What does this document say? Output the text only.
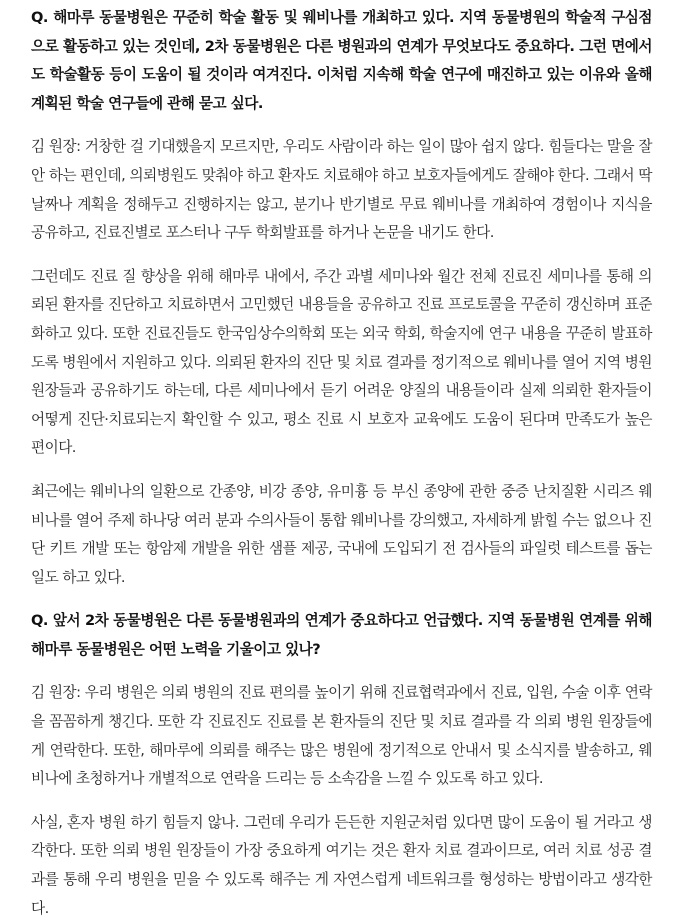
Q. 해마루 동물병원은 꾸준히 학술 활동 및 웨비나를 개최하고 있다. 지역 동물병원의 학술적 구심점으로 활동하고 있는 것인데, 2차 동물병원은 다른 병원과의 연계가 무엇보다도 중요하다. 그런 면에서도 학술활동 등이 도움이 될 것이라 여겨진다. 이처럼 지속해 학술 연구에 매진하고 있는 이유와 올해 계획된 학술 연구들에 관해 묻고 싶다.

김 원장: 거창한 걸 기대했을지 모르지만, 우리도 사람이라 하는 일이 많아 쉽지 않다. 힘들다는 말을 잘 안 하는 편인데, 의뢰병원도 맞춰야 하고 환자도 치료해야 하고 보호자들에게도 잘해야 한다. 그래서 딱 날짜나 계획을 정해두고 진행하지는 않고, 분기나 반기별로 무료 웨비나를 개최하여 경험이나 지식을 공유하고, 진료진별로 포스터나 구두 학회발표를 하거나 논문을 내기도 한다.

그런데도 진료 질 향상을 위해 해마루 내에서, 주간 과별 세미나와 월간 전체 진료진 세미나를 통해 의뢰된 환자를 진단하고 치료하면서 고민했던 내용들을 공유하고 진료 프로토콜을 꾸준히 갱신하며 표준화하고 있다. 또한 진료진들도 한국임상수의학회 또는 외국 학회, 학술지에 연구 내용을 꾸준히 발표하도록 병원에서 지원하고 있다. 의뢰된 환자의 진단 및 치료 결과를 정기적으로 웨비나를 열어 지역 병원 원장들과 공유하기도 하는데, 다른 세미나에서 듣기 어려운 양질의 내용들이라 실제 의뢰한 환자들이 어떻게 진단·치료되는지 확인할 수 있고, 평소 진료 시 보호자 교육에도 도움이 된다며 만족도가 높은 편이다.

최근에는 웨비나의 일환으로 간종양, 비강 종양, 유미흉 등 부신 종양에 관한 중증 난치질환 시리즈 웨비나를 열어 주제 하나당 여러 분과 수의사들이 통합 웨비나를 강의했고, 자세하게 밝힐 수는 없으나 진단 키트 개발 또는 항암제 개발을 위한 샘플 제공, 국내에 도입되기 전 검사들의 파일럿 테스트를 돕는 일도 하고 있다.

Q. 앞서 2차 동물병원은 다른 동물병원과의 연계가 중요하다고 언급했다. 지역 동물병원 연계를 위해 해마루 동물병원은 어떤 노력을 기울이고 있나?

김 원장: 우리 병원은 의뢰 병원의 진료 편의를 높이기 위해 진료협력과에서 진료, 입원, 수술 이후 연락을 꼼꼼하게 챙긴다. 또한 각 진료진도 진료를 본 환자들의 진단 및 치료 결과를 각 의뢰 병원 원장들에게 연락한다. 또한, 해마루에 의뢰를 해주는 많은 병원에 정기적으로 안내서 및 소식지를 발송하고, 웨비나에 초청하거나 개별적으로 연락을 드리는 등 소속감을 느낄 수 있도록 하고 있다.

사실, 혼자 병원 하기 힘들지 않나. 그런데 우리가 든든한 지원군처럼 있다면 많이 도움이 될 거라고 생각한다. 또한 의뢰 병원 원장들이 가장 중요하게 여기는 것은 환자 치료 결과이므로, 여러 치료 성공 결과를 통해 우리 병원을 믿을 수 있도록 해주는 게 자연스럽게 네트워크를 형성하는 방법이라고 생각한다.
